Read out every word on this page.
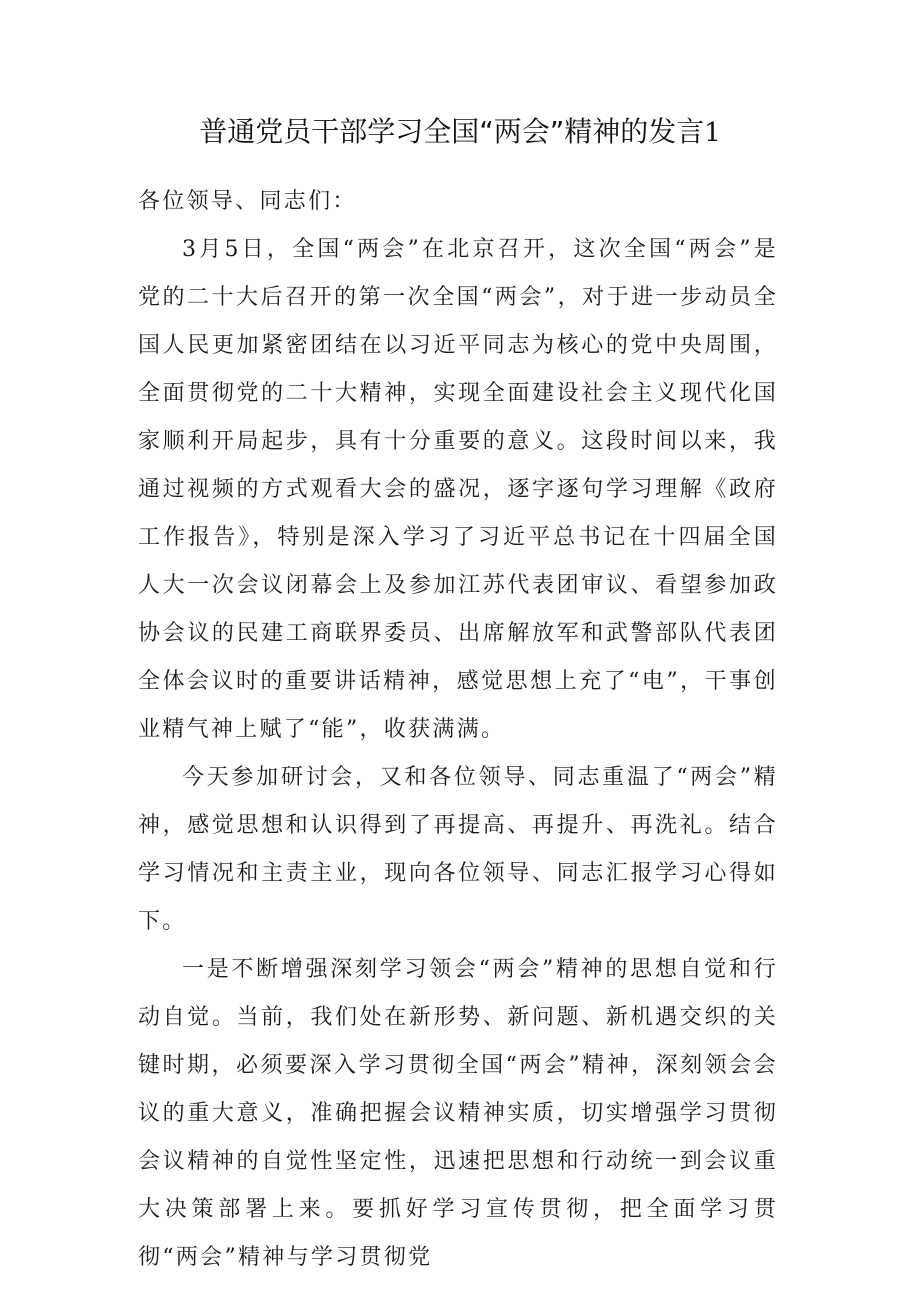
普通党员干部学习全国“两会”精神的发言1

各位领导、同志们：

3月5日，全国“两会”在北京召开，这次全国“两会”是党的二十大后召开的第一次全国“两会”，对于进一步动员全国人民更加紧密团结在以习近平同志为核心的党中央周围，全面贯彻党的二十大精神，实现全面建设社会主义现代化国家顺利开局起步，具有十分重要的意义。这段时间以来，我通过视频的方式观看大会的盛况，逐字逐句学习理解《政府工作报告》，特别是深入学习了习近平总书记在十四届全国人大一次会议闭幕会上及参加江苏代表团审议、看望参加政协会议的民建工商联界委员、出席解放军和武警部队代表团全体会议时的重要讲话精神，感觉思想上充了“电”，干事创业精气神上赋了“能”，收获满满。

今天参加研讨会，又和各位领导、同志重温了“两会”精神，感觉思想和认识得到了再提高、再提升、再洗礼。结合学习情况和主责主业，现向各位领导、同志汇报学习心得如下。

一是不断增强深刻学习领会“两会”精神的思想自觉和行动自觉。当前，我们处在新形势、新问题、新机遇交织的关键时期，必须要深入学习贯彻全国“两会”精神，深刻领会会议的重大意义，准确把握会议精神实质，切实增强学习贯彻会议精神的自觉性坚定性，迅速把思想和行动统一到会议重大决策部署上来。要抓好学习宣传贯彻，把全面学习贯彻“两会”精神与学习贯彻党
